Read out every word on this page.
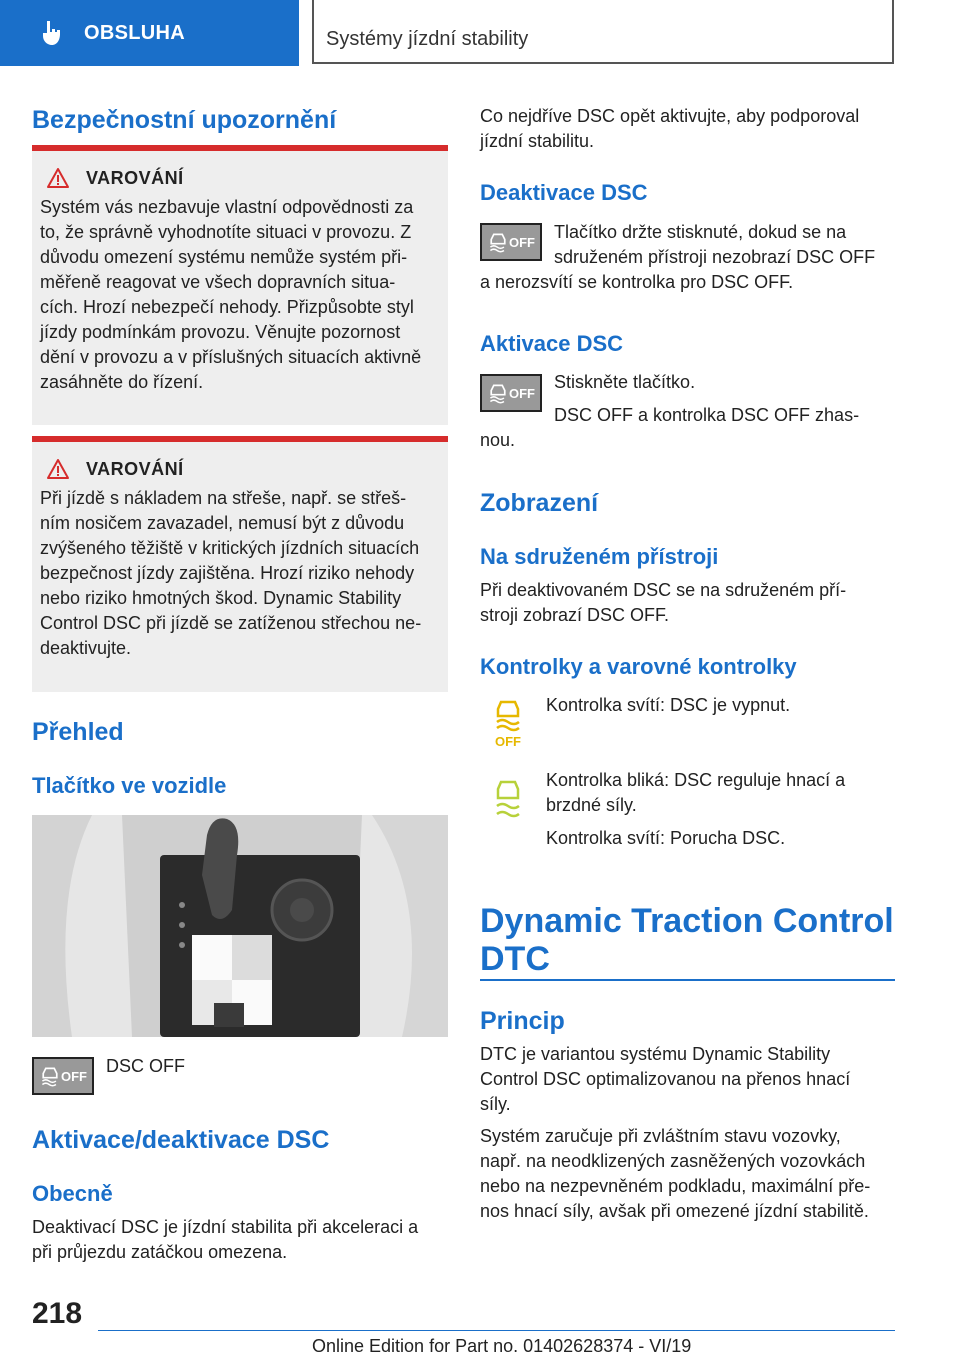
OBSLUHA	Systémy jízdní stability
Bezpečnostní upozornění
VAROVÁNÍ

Systém vás nezbavuje vlastní odpovědnosti za

to, že správně vyhodnotíte situaci v provozu. Z

důvodu omezení systému nemůže systém při-

měřeně reagovat ve všech dopravních situa-

cích. Hrozí nebezpečí nehody. Přizpůsobte styl

jízdy podmínkám provozu. Věnujte pozornost

dění v provozu a v příslušných situacích aktivně

zasáhněte do řízení.

VAROVÁNÍ

Při jízdě s nákladem na střeše, např. se střeš-

ním nosičem zavazadel, nemusí být z důvodu

zvýšeného těžiště v kritických jízdních situacích

bezpečnost jízdy zajištěna. Hrozí riziko nehody

nebo riziko hmotných škod. Dynamic Stability

Control DSC při jízdě se zatíženou střechou ne-

deaktivujte.

Přehled
Tlačítko ve vozidle
OFF DSC OFF

Aktivace/deaktivace DSC
Obecně

Deaktivací DSC je jízdní stabilita při akceleraci a

při průjezdu zatáčkou omezena.

Co nejdříve DSC opět aktivujte, aby podporoval

jízdní stabilitu.

Deaktivace DSC
OFF Tlačítko držte stisknuté, dokud se na

sdruženém přístroji nezobrazí DSC OFF

a nerozsvítí se kontrolka pro DSC OFF.

Aktivace DSC
OFF

Stiskněte tlačítko.

DSC OFF a kontrolka DSC OFF zhas-

nou.

Zobrazení
Na sdruženém přístroji

Při deaktivovaném DSC se na sdruženém pří-

stroji zobrazí DSC OFF.

Kontrolky a varovné kontrolky
OFF

Kontrolka svítí: DSC je vypnut.

Kontrolka bliká: DSC reguluje hnací a

brzdné síly.

Kontrolka svítí: Porucha DSC.

Dynamic Traction Control
DTC
Princip

DTC je variantou systému Dynamic Stability

Control DSC optimalizovanou na přenos hnací

síly.

Systém zaručuje při zvláštním stavu vozovky,

např. na neodklizených zasněžených vozovkách

nebo na nezpevněném podkladu, maximální pře-

nos hnací síly, avšak při omezené jízdní stabilitě.

218
Online Edition for Part no. 01402628374 - VI/19
